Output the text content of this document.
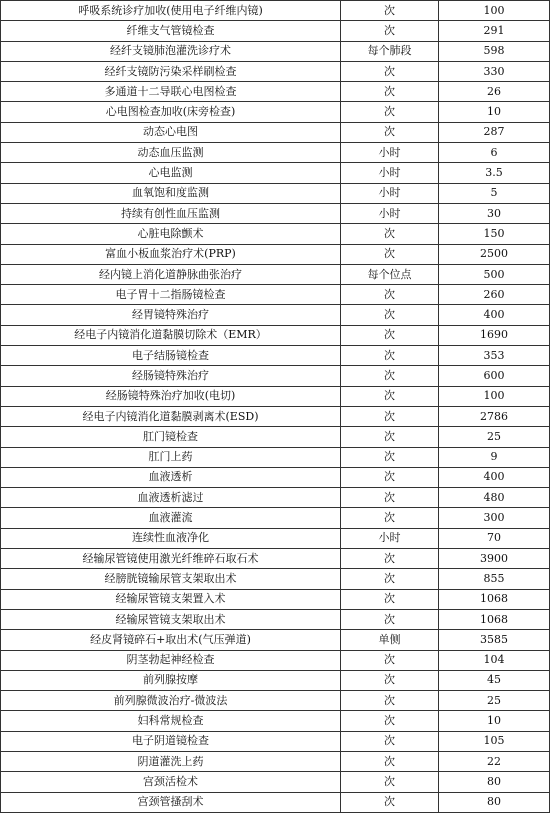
呼吸系统诊疗加收(使用电子纤维内镜)	次	100
纤维支气管镜检查	次	291
经纤支镜肺泡灌洗诊疗术	每个肺段	598
经纤支镜防污染采样刷检查	次	330
多通道十二导联心电图检查	次	26
心电图检查加收(床旁检查)	次	10
动态心电图	次	287
动态血压监测	小时	6
心电监测	小时	3.5
血氧饱和度监测	小时	5
持续有创性血压监测	小时	30
心脏电除颤术	次	150
富血小板血浆治疗术(PRP)	次	2500
经内镜上消化道静脉曲张治疗	每个位点	500
电子胃十二指肠镜检查	次	260
经胃镜特殊治疗	次	400
经电子内镜消化道黏膜切除术（EMR）	次	1690
电子结肠镜检查	次	353
经肠镜特殊治疗	次	600
经肠镜特殊治疗加收(电切)	次	100
经电子内镜消化道黏膜剥离术(ESD)	次	2786
肛门镜检查	次	25
肛门上药	次	9
血液透析	次	400
血液透析滤过	次	480
血液灌流	次	300
连续性血液净化	小时	70
经输尿管镜使用激光纤维碎石取石术	次	3900
经膀胱镜输尿管支架取出术	次	855
经输尿管镜支架置入术	次	1068
经输尿管镜支架取出术	次	1068
经皮肾镜碎石+取出术(气压弹道)	单侧	3585
阴茎勃起神经检查	次	104
前列腺按摩	次	45
前列腺微波治疗-微波法	次	25
妇科常规检查	次	10
电子阴道镜检查	次	105
阴道灌洗上药	次	22
宫颈活检术	次	80
宫颈管搔刮术	次	80
